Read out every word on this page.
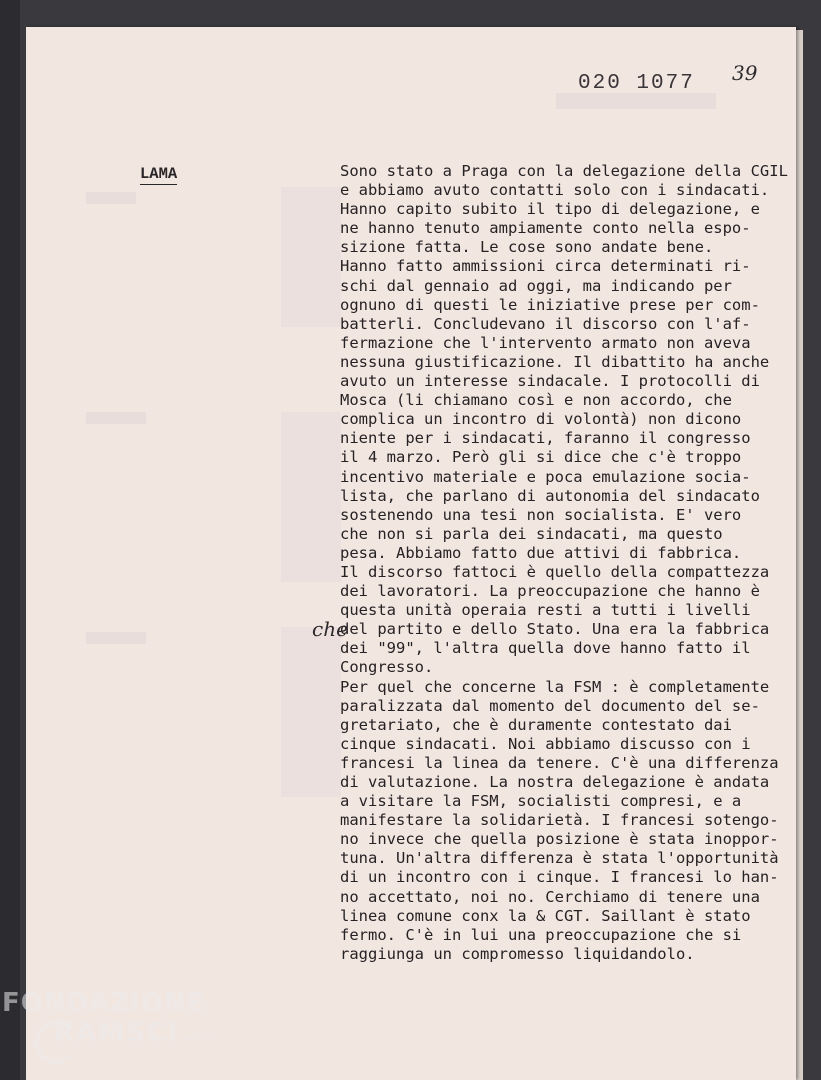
020 1077 39
LAMA	Sono stato a Praga con la delegazione della CGIL
e abbiamo avuto contatti solo con i sindacati.
Hanno capito subito il tipo di delegazione, e
ne hanno tenuto ampiamente conto nella espo-
sizione fatta. Le cose sono andate bene.
Hanno fatto ammissioni circa determinati ri-
schi dal gennaio ad oggi, ma indicando per
ognuno di questi le iniziative prese per com-
batterli. Concludevano il discorso con l'af-
fermazione che l'intervento armato non aveva
nessuna giustificazione. Il dibattito ha anche
avuto un interesse sindacale. I protocolli di
Mosca (li chiamano così e non accordo, che
complica un incontro di volontà) non dicono
niente per i sindacati, faranno il congresso
il 4 marzo. Però gli si dice che c'è troppo
incentivo materiale e poca emulazione socia-
lista, che parlano di autonomia del sindacato
sostenendo una tesi non socialista. E' vero
che non si parla dei sindacati, ma questo
pesa. Abbiamo fatto due attivi di fabbrica.
Il discorso fattoci è quello della compattezza
dei lavoratori. La preoccupazione che hanno è
questa unità operaia resti a tutti i livelli
del partito e dello Stato. Una era la fabbrica
dei "99", l'altra quella dove hanno fatto il
Congresso.
Per quel che concerne la FSM : è completamente
paralizzata dal momento del documento del se-
gretariato, che è duramente contestato dai
cinque sindacati. Noi abbiamo discusso con i
francesi la linea da tenere. C'è una differenza
di valutazione. La nostra delegazione è andata
a visitare la FSM, socialisti compresi, e a
manifestare la solidarietà. I francesi sotengo-
no invece che quella posizione è stata inoppor-
tuna. Un'altra differenza è stata l'opportunità
di un incontro con i cinque. I francesi lo han-
no accettato, noi no. Cerchiamo di tenere una
linea comune conx la & CGT. Saillant è stato
fermo. C'è in lui una preoccupazione che si
raggiunga un compromesso liquidandolo.
che
FONDAZIONE
RAMSCI onlus
